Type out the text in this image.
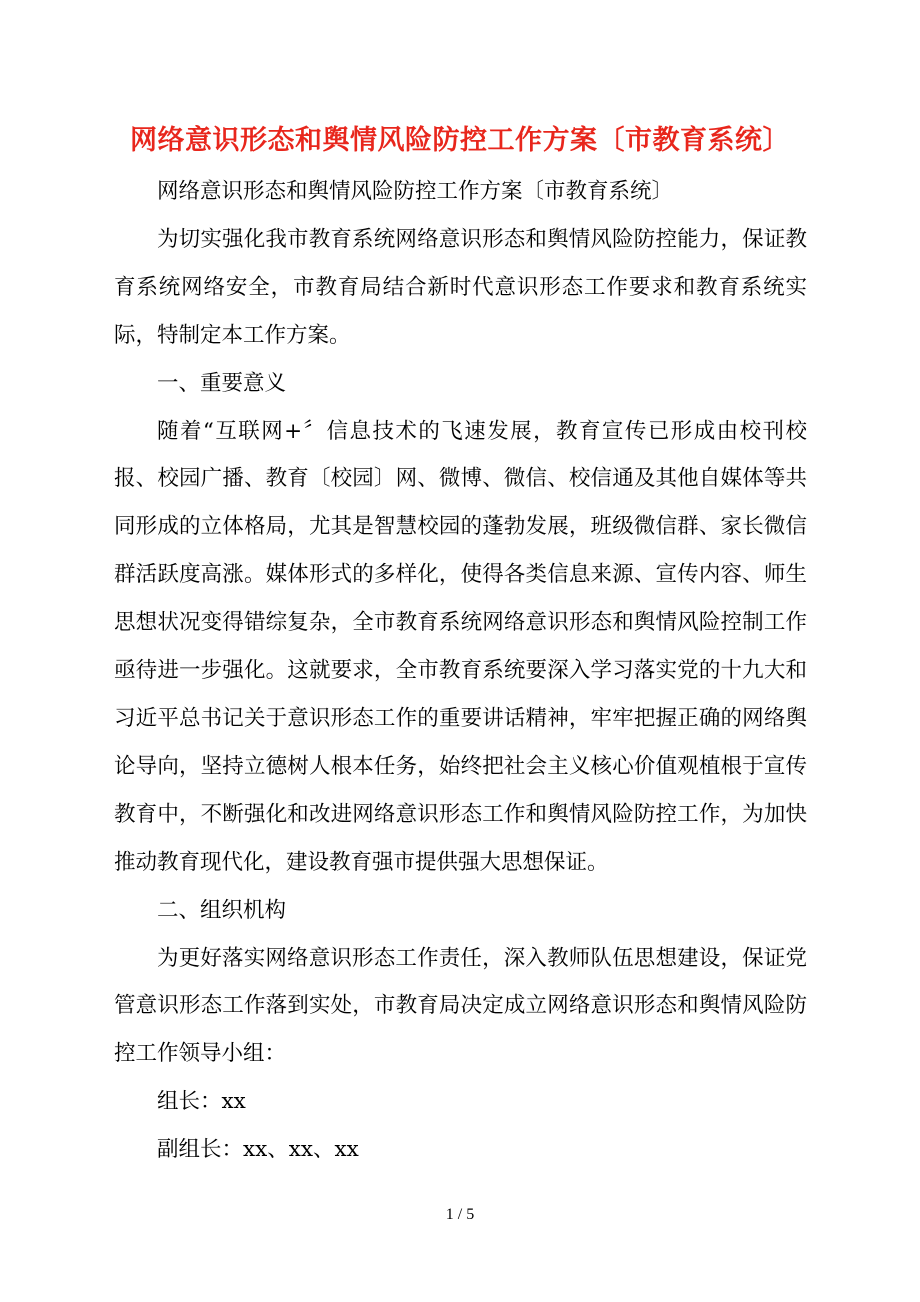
网络意识形态和舆情风险防控工作方案〔市教育系统〕

网络意识形态和舆情风险防控工作方案〔市教育系统〕

为切实强化我市教育系统网络意识形态和舆情风险防控能力，保证教育系统网络安全，市教育局结合新时代意识形态工作要求和教育系统实际，特制定本工作方案。

一、重要意义

随着“互联网+〞信息技术的飞速发展，教育宣传已形成由校刊校报、校园广播、教育〔校园〕网、微博、微信、校信通及其他自媒体等共同形成的立体格局，尤其是智慧校园的蓬勃发展，班级微信群、家长微信群活跃度高涨。媒体形式的多样化，使得各类信息来源、宣传内容、师生思想状况变得错综复杂，全市教育系统网络意识形态和舆情风险控制工作亟待进一步强化。这就要求，全市教育系统要深入学习落实党的十九大和习近平总书记关于意识形态工作的重要讲话精神，牢牢把握正确的网络舆论导向，坚持立德树人根本任务，始终把社会主义核心价值观植根于宣传教育中，不断强化和改进网络意识形态工作和舆情风险防控工作，为加快推动教育现代化，建设教育强市提供强大思想保证。

二、组织机构

为更好落实网络意识形态工作责任，深入教师队伍思想建设，保证党管意识形态工作落到实处，市教育局决定成立网络意识形态和舆情风险防控工作领导小组：

组长：xx

副组长：xx、xx、xx

1 / 5
